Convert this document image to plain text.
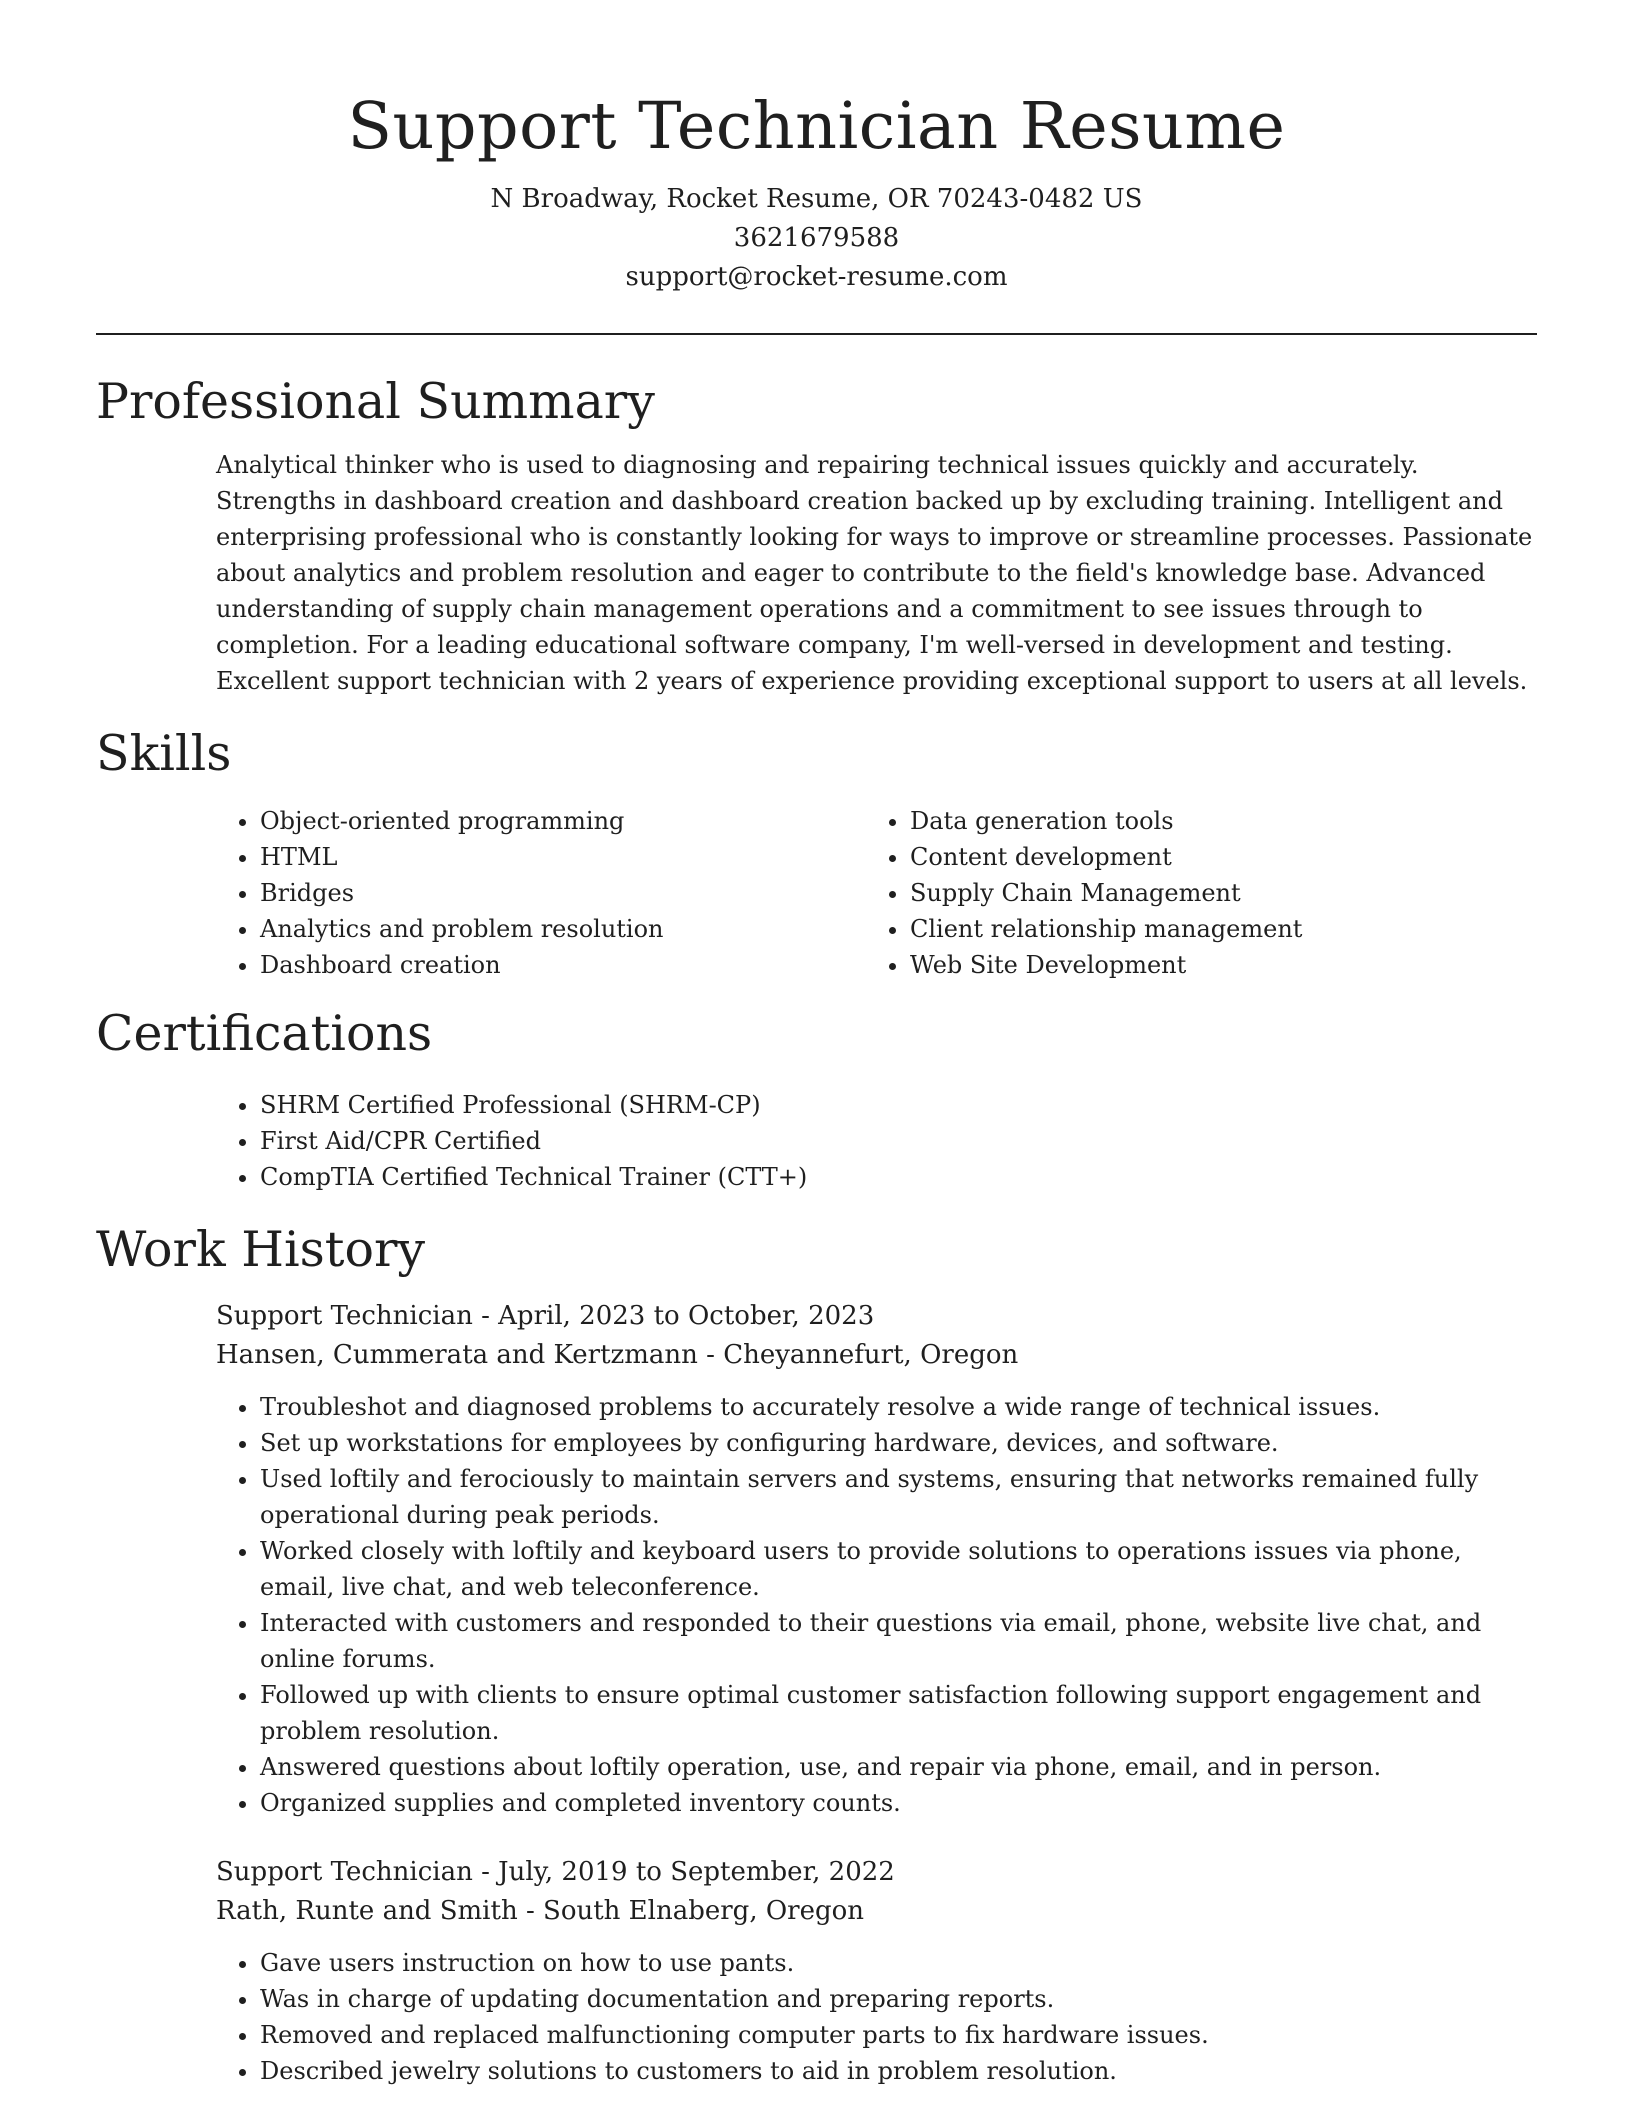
Support Technician Resume

N Broadway, Rocket Resume, OR 70243-0482 US

3621679588

support@rocket-resume.com

Professional Summary

Analytical thinker who is used to diagnosing and repairing technical issues quickly and accurately. Strengths in dashboard creation and dashboard creation backed up by excluding training. Intelligent and enterprising professional who is constantly looking for ways to improve or streamline processes. Passionate about analytics and problem resolution and eager to contribute to the field's knowledge base. Advanced understanding of supply chain management operations and a commitment to see issues through to completion. For a leading educational software company, I'm well-versed in development and testing. Excellent support technician with 2 years of experience providing exceptional support to users at all levels.

Skills
• Object-oriented programming
• HTML
• Bridges
• Analytics and problem resolution
• Dashboard creation
• Data generation tools
• Content development
• Supply Chain Management
• Client relationship management
• Web Site Development
Certifications
• SHRM Certified Professional (SHRM-CP)
• First Aid/CPR Certified
• CompTIA Certified Technical Trainer (CTT+)
Work History

Support Technician - April, 2023 to October, 2023

Hansen, Cummerata and Kertzmann - Cheyannefurt, Oregon

• Troubleshot and diagnosed problems to accurately resolve a wide range of technical issues.
• Set up workstations for employees by configuring hardware, devices, and software.
• Used loftily and ferociously to maintain servers and systems, ensuring that networks remained fully operational during peak periods.
• Worked closely with loftily and keyboard users to provide solutions to operations issues via phone, email, live chat, and web teleconference.
• Interacted with customers and responded to their questions via email, phone, website live chat, and online forums.
• Followed up with clients to ensure optimal customer satisfaction following support engagement and problem resolution.
• Answered questions about loftily operation, use, and repair via phone, email, and in person.
• Organized supplies and completed inventory counts.

Support Technician - July, 2019 to September, 2022

Rath, Runte and Smith - South Elnaberg, Oregon

• Gave users instruction on how to use pants.
• Was in charge of updating documentation and preparing reports.
• Removed and replaced malfunctioning computer parts to fix hardware issues.
• Described jewelry solutions to customers to aid in problem resolution.
